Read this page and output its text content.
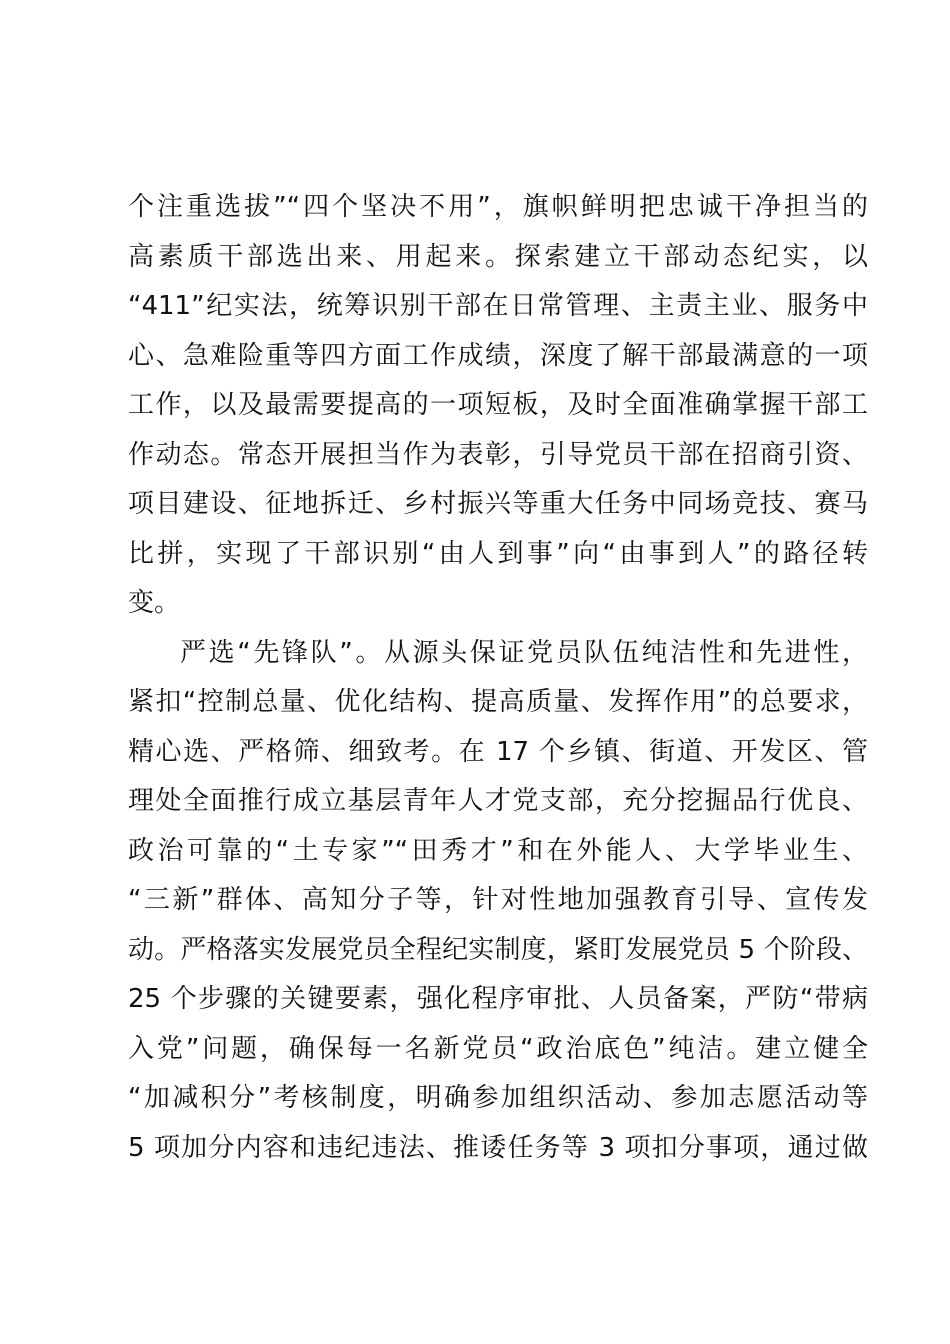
个注重选拔”“四个坚决不用”，旗帜鲜明把忠诚干净担当的
高素质干部选出来、用起来。探索建立干部动态纪实，以
“411”纪实法，统筹识别干部在日常管理、主责主业、服务中
心、急难险重等四方面工作成绩，深度了解干部最满意的一项
工作，以及最需要提高的一项短板，及时全面准确掌握干部工
作动态。常态开展担当作为表彰，引导党员干部在招商引资、
项目建设、征地拆迁、乡村振兴等重大任务中同场竞技、赛马
比拼，实现了干部识别“由人到事”向“由事到人”的路径转
变。
严选“先锋队”。从源头保证党员队伍纯洁性和先进性，
紧扣“控制总量、优化结构、提高质量、发挥作用”的总要求，
精心选、严格筛、细致考。在 17 个乡镇、街道、开发区、管
理处全面推行成立基层青年人才党支部，充分挖掘品行优良、
政治可靠的“土专家”“田秀才”和在外能人、大学毕业生、
“三新”群体、高知分子等，针对性地加强教育引导、宣传发
动。严格落实发展党员全程纪实制度，紧盯发展党员 5 个阶段、
25 个步骤的关键要素，强化程序审批、人员备案，严防“带病
入党”问题，确保每一名新党员“政治底色”纯洁。建立健全
“加减积分”考核制度，明确参加组织活动、参加志愿活动等
5 项加分内容和违纪违法、推诿任务等 3 项扣分事项，通过做
